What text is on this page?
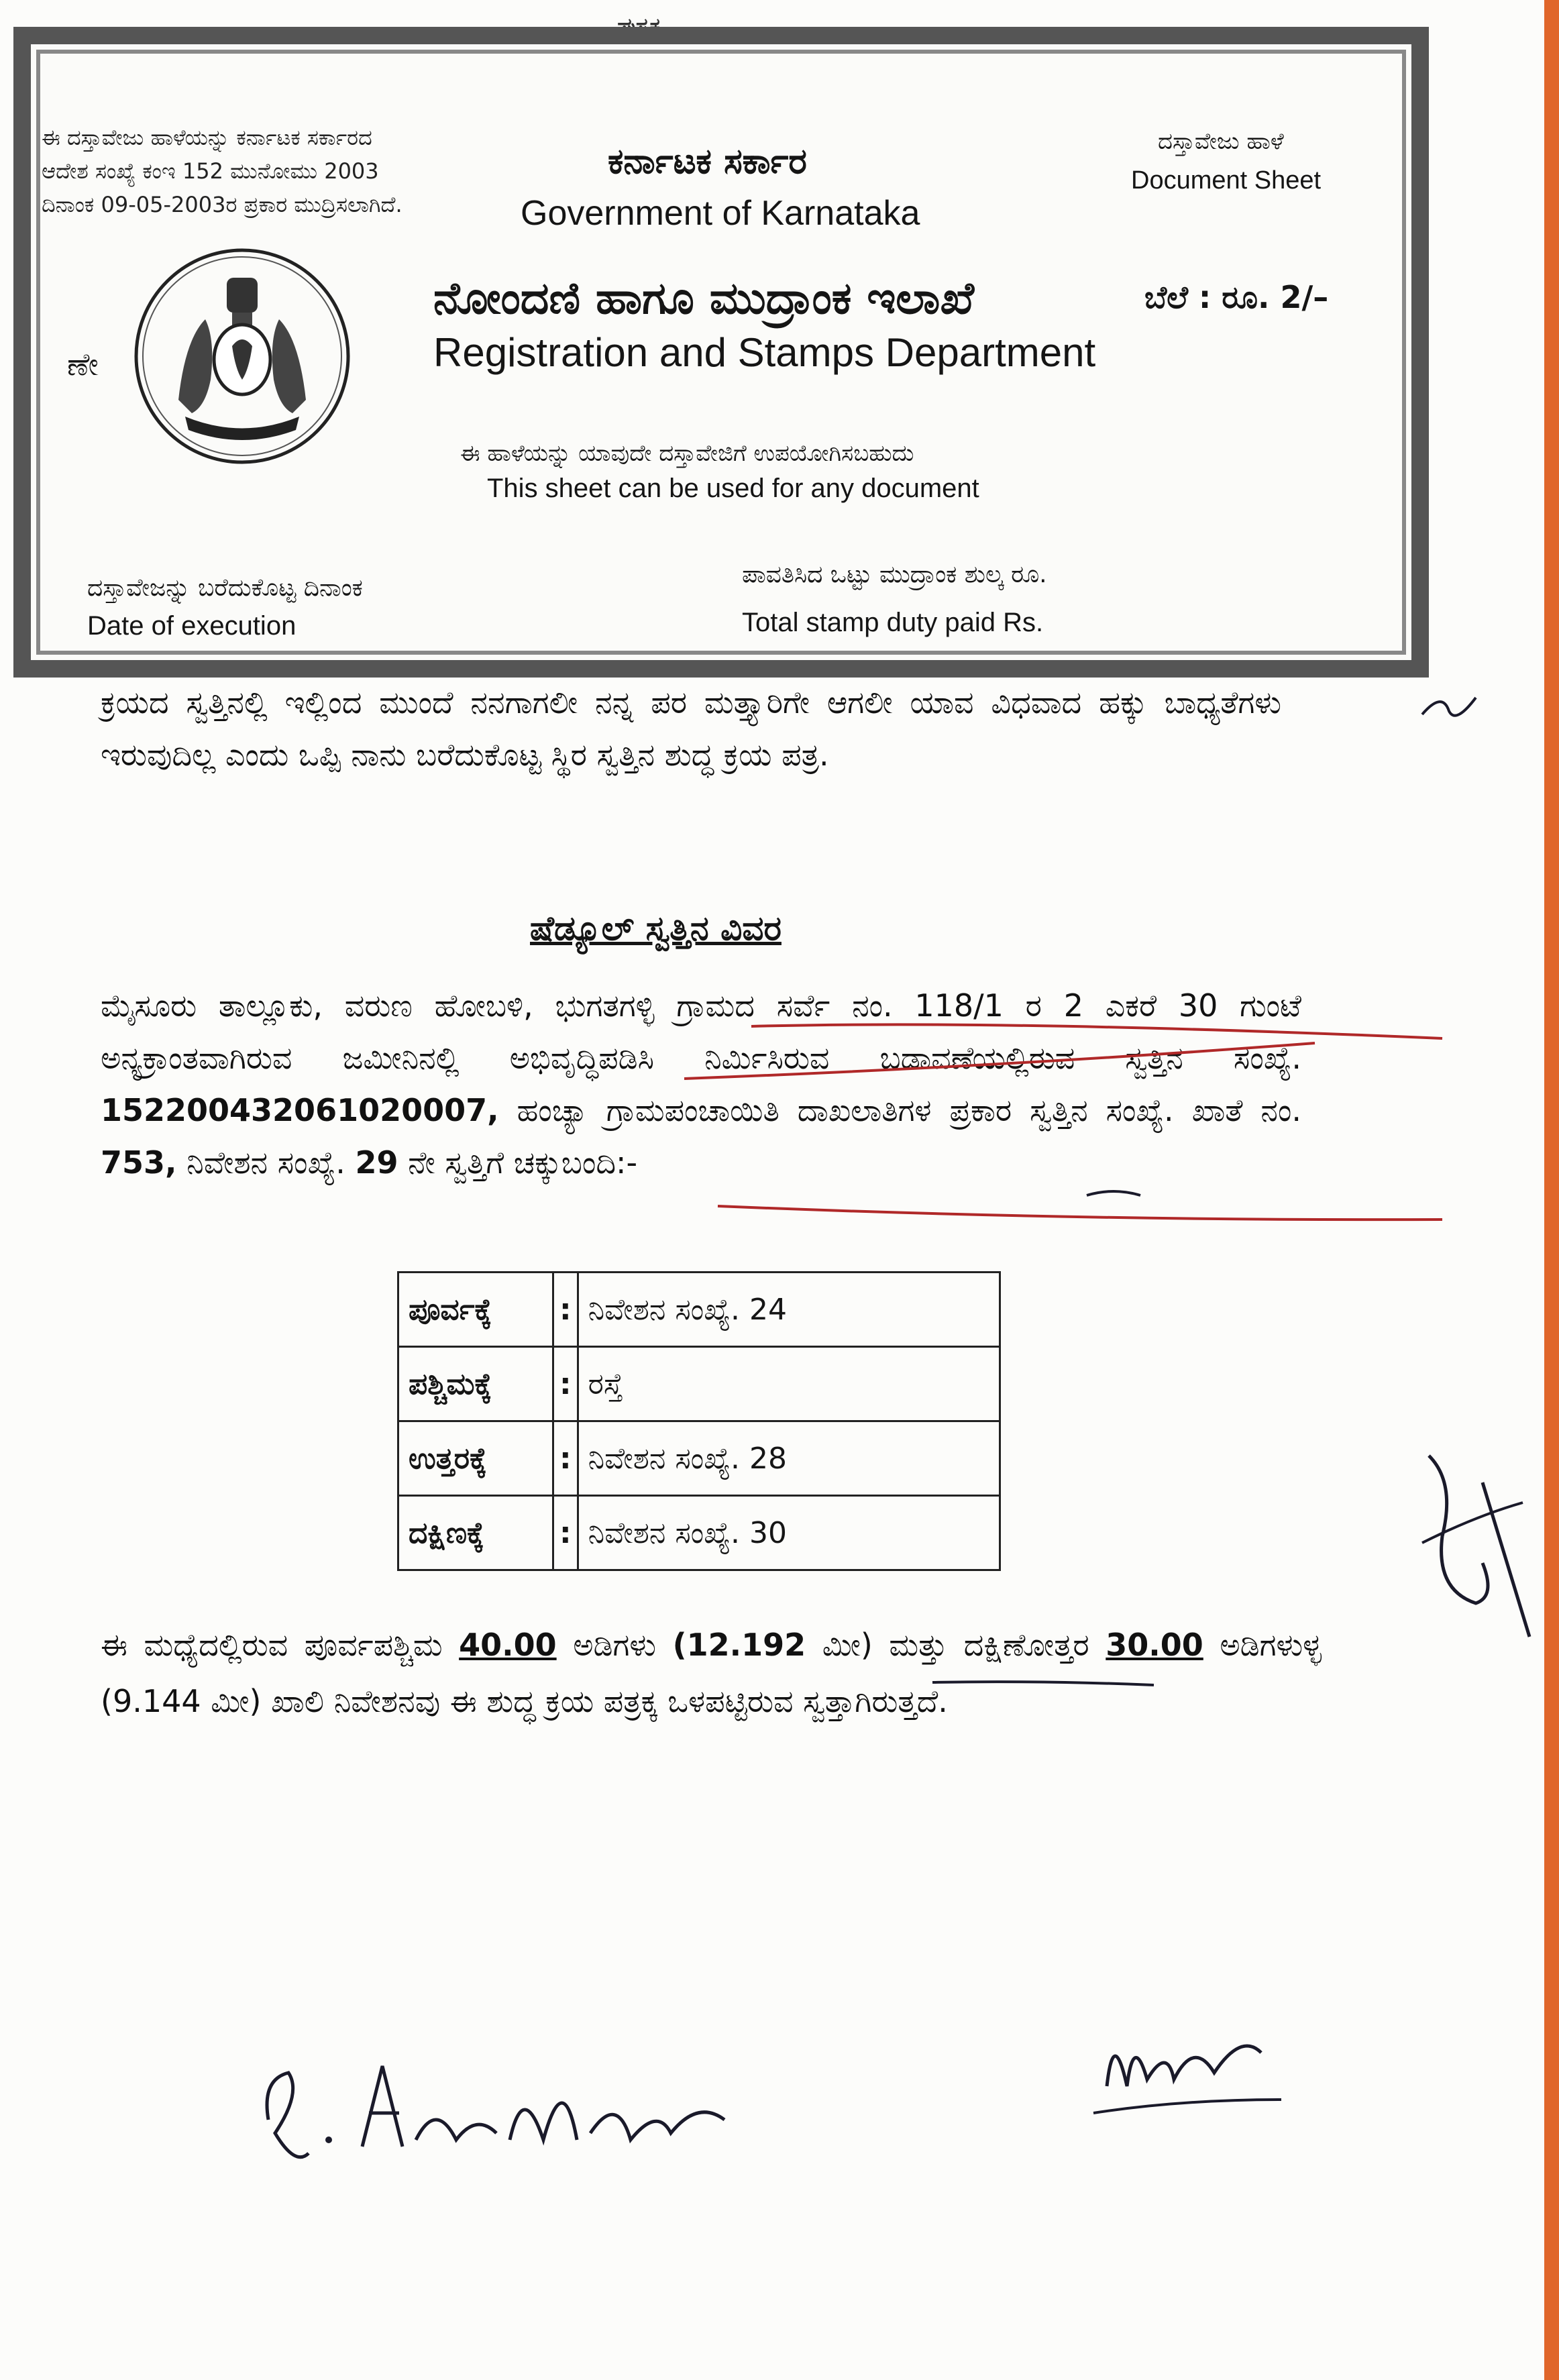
ಈ ದಸ್ತಾವೇಜು ಹಾಳೆಯನ್ನು ಕರ್ನಾಟಕ ಸರ್ಕಾರದ
ಆದೇಶ ಸಂಖ್ಯೆ ಕಂಇ 152 ಮುನೋಮು 2003
ದಿನಾಂಕ 09-05-2003ರ ಪ್ರಕಾರ ಮುದ್ರಿಸಲಾಗಿದೆ.
ಕರ್ನಾಟಕ ಸರ್ಕಾರ
Government of Karnataka
ದಸ್ತಾವೇಜು ಹಾಳೆ
Document Sheet
ಬೆಲೆ : ರೂ. 2/–
ಣೇ
ನೋಂದಣಿ ಹಾಗೂ ಮುದ್ರಾಂಕ ಇಲಾಖೆ
Registration and Stamps Department
ಈ ಹಾಳೆಯನ್ನು ಯಾವುದೇ ದಸ್ತಾವೇಜಿಗೆ ಉಪಯೋಗಿಸಬಹುದು
This sheet can be used for any document
ದಸ್ತಾವೇಜನ್ನು ಬರೆದುಕೊಟ್ಟ ದಿನಾಂಕ
Date of execution
ಪಾವತಿಸಿದ ಒಟ್ಟು ಮುದ್ರಾಂಕ ಶುಲ್ಕ ರೂ.
Total stamp duty paid Rs.

ಕ್ರಯದ ಸ್ವತ್ತಿನಲ್ಲಿ ಇಲ್ಲಿಂದ ಮುಂದೆ ನನಗಾಗಲೀ ನನ್ನ ಪರ ಮತ್ತ್ಯಾರಿಗೇ ಆಗಲೀ ಯಾವ ವಿಧವಾದ ಹಕ್ಕು ಬಾಧ್ಯತೆಗಳು ಇರುವುದಿಲ್ಲ ಎಂದು ಒಪ್ಪಿ ನಾನು ಬರೆದುಕೊಟ್ಟ ಸ್ಥಿರ ಸ್ವತ್ತಿನ ಶುದ್ಧ ಕ್ರಯ ಪತ್ರ.

ಷೆಡ್ಯೂಲ್ ಸ್ವತ್ತಿನ ವಿವರ

ಮೈಸೂರು ತಾಲ್ಲೂಕು, ವರುಣ ಹೋಬಳಿ, ಭುಗತಗಳ್ಳಿ ಗ್ರಾಮದ ಸರ್ವೆ ನಂ. 118/1 ರ 2 ಎಕರೆ 30 ಗುಂಟೆ ಅನ್ಯಕ್ರಾಂತವಾಗಿರುವ ಜಮೀನಿನಲ್ಲಿ ಅಭಿವೃದ್ಧಿಪಡಿಸಿ ನಿರ್ಮಿಸಿರುವ ಬಡಾವಣೆಯಲ್ಲಿರುವ ಸ್ವತ್ತಿನ ಸಂಖ್ಯೆ. 152200432061020007, ಹಂಚ್ಯಾ ಗ್ರಾಮಪಂಚಾಯಿತಿ ದಾಖಲಾತಿಗಳ ಪ್ರಕಾರ ಸ್ವತ್ತಿನ ಸಂಖ್ಯೆ. ಖಾತೆ ನಂ. 753, ನಿವೇಶನ ಸಂಖ್ಯೆ. 29 ನೇ ಸ್ವತ್ತಿಗೆ ಚಕ್ಕುಬಂದಿ:-

ಪೂರ್ವಕ್ಕೆ	:	ನಿವೇಶನ ಸಂಖ್ಯೆ. 24
ಪಶ್ಚಿಮಕ್ಕೆ	:	ರಸ್ತೆ
ಉತ್ತರಕ್ಕೆ	:	ನಿವೇಶನ ಸಂಖ್ಯೆ. 28
ದಕ್ಷಿಣಕ್ಕೆ	:	ನಿವೇಶನ ಸಂಖ್ಯೆ. 30

ಈ ಮಧ್ಯೆದಲ್ಲಿರುವ ಪೂರ್ವಪಶ್ಚಿಮ 40.00 ಅಡಿಗಳು (12.192 ಮೀ) ಮತ್ತು ದಕ್ಷಿಣೋತ್ತರ 30.00 ಅಡಿಗಳುಳ್ಳ (9.144 ಮೀ) ಖಾಲಿ ನಿವೇಶನವು ಈ ಶುದ್ಧ ಕ್ರಯ ಪತ್ರಕ್ಕ ಒಳಪಟ್ಟಿರುವ ಸ್ವತ್ತಾಗಿರುತ್ತದೆ.
